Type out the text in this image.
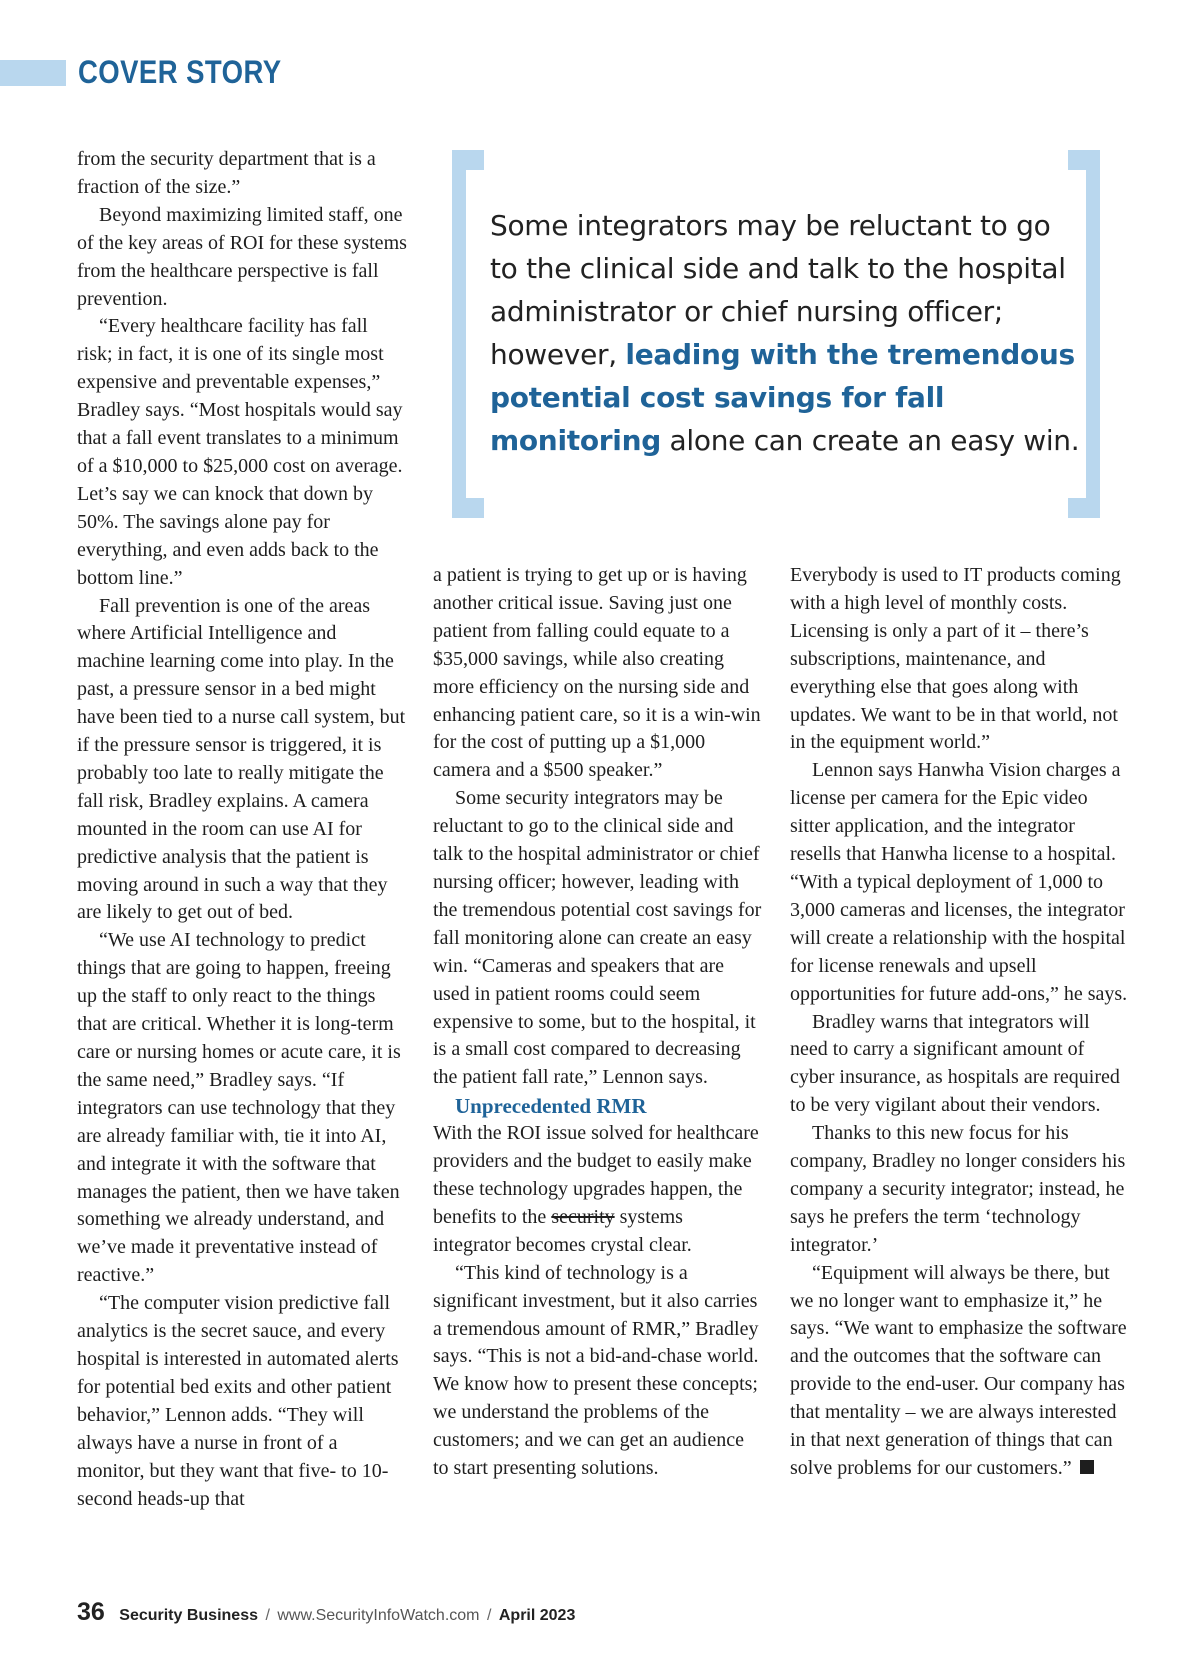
COVER STORY

from the security department that is a fraction of the size.”

Beyond maximizing limited staff, one of the key areas of ROI for these systems from the healthcare perspective is fall prevention.

“Every healthcare facility has fall risk; in fact, it is one of its single most expensive and preventable expenses,” Bradley says. “Most hospitals would say that a fall event translates to a minimum of a $10,000 to $25,000 cost on average. Let’s say we can knock that down by 50%. The savings alone pay for everything, and even adds back to the bottom line.”

Fall prevention is one of the areas where Artificial Intelligence and machine learning come into play. In the past, a pressure sensor in a bed might have been tied to a nurse call system, but if the pressure sensor is triggered, it is probably too late to really mitigate the fall risk, Bradley explains. A camera mounted in the room can use AI for predictive analysis that the patient is moving around in such a way that they are likely to get out of bed.

“We use AI technology to predict things that are going to happen, freeing up the staff to only react to the things that are critical. Whether it is long-term care or nursing homes or acute care, it is the same need,” Bradley says. “If integrators can use technology that they are already familiar with, tie it into AI, and integrate it with the software that manages the patient, then we have taken something we already understand, and we’ve made it preventative instead of reactive.”

“The computer vision predictive fall analytics is the secret sauce, and every hospital is interested in automated alerts for potential bed exits and other patient behavior,” Lennon adds. “They will always have a nurse in front of a monitor, but they want that five- to 10-second heads-up that

Some integrators may be reluctant to go to the clinical side and talk to the hospital administrator or chief nursing officer; however, leading with the tremendous potential cost savings for fall monitoring alone can create an easy win.

a patient is trying to get up or is having another critical issue. Saving just one patient from falling could equate to a $35,000 savings, while also creating more efficiency on the nursing side and enhancing patient care, so it is a win-win for the cost of putting up a $1,000 camera and a $500 speaker.”

Some security integrators may be reluctant to go to the clinical side and talk to the hospital administrator or chief nursing officer; however, leading with the tremendous potential cost savings for fall monitoring alone can create an easy win. “Cameras and speakers that are used in patient rooms could seem expensive to some, but to the hospital, it is a small cost compared to decreasing the patient fall rate,” Lennon says.

Unprecedented RMR

With the ROI issue solved for healthcare providers and the budget to easily make these technology upgrades happen, the benefits to the security systems integrator becomes crystal clear.

“This kind of technology is a significant investment, but it also carries a tremendous amount of RMR,” Bradley says. “This is not a bid-and-chase world. We know how to present these concepts; we understand the problems of the customers; and we can get an audience to start presenting solutions.

Everybody is used to IT products coming with a high level of monthly costs. Licensing is only a part of it – there’s subscriptions, maintenance, and everything else that goes along with updates. We want to be in that world, not in the equipment world.”

Lennon says Hanwha Vision charges a license per camera for the Epic video sitter application, and the integrator resells that Hanwha license to a hospital. “With a typical deployment of 1,000 to 3,000 cameras and licenses, the integrator will create a relationship with the hospital for license renewals and upsell opportunities for future add-ons,” he says.

Bradley warns that integrators will need to carry a significant amount of cyber insurance, as hospitals are required to be very vigilant about their vendors.

Thanks to this new focus for his company, Bradley no longer considers his company a security integrator; instead, he says he prefers the term ‘technology integrator.’

“Equipment will always be there, but we no longer want to emphasize it,” he says. “We want to emphasize the software and the outcomes that the software can provide to the end-user. Our company has that mentality – we are always interested in that next generation of things that can solve problems for our customers.”

36 Security Business / www.SecurityInfoWatch.com / April 2023
